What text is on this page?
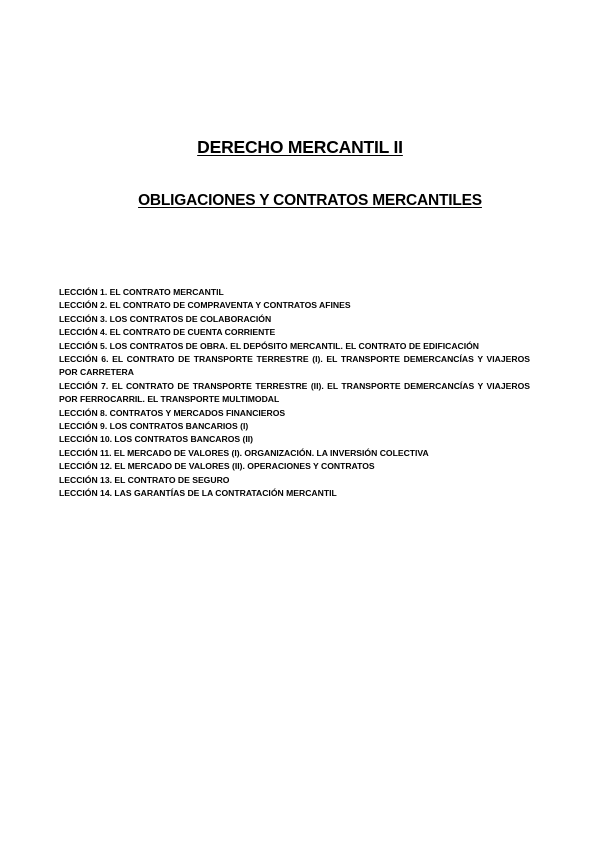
DERECHO MERCANTIL II
OBLIGACIONES Y CONTRATOS MERCANTILES
LECCIÓN 1. EL CONTRATO MERCANTIL
LECCIÓN 2. EL CONTRATO DE COMPRAVENTA Y CONTRATOS AFINES
LECCIÓN 3. LOS CONTRATOS DE COLABORACIÓN
LECCIÓN 4. EL CONTRATO DE CUENTA CORRIENTE
LECCIÓN 5. LOS CONTRATOS DE OBRA. EL DEPÓSITO MERCANTIL. EL CONTRATO DE EDIFICACIÓN
LECCIÓN 6. EL CONTRATO DE TRANSPORTE TERRESTRE (I). EL TRANSPORTE DEMERCANCÍAS Y VIAJEROS POR CARRETERA
LECCIÓN 7. EL CONTRATO DE TRANSPORTE TERRESTRE (II). EL TRANSPORTE DEMERCANCÍAS Y VIAJEROS POR FERROCARRIL. EL TRANSPORTE MULTIMODAL
LECCIÓN 8. CONTRATOS Y MERCADOS FINANCIEROS
LECCIÓN 9. LOS CONTRATOS BANCARIOS (I)
LECCIÓN 10. LOS CONTRATOS BANCAROS (II)
LECCIÓN 11. EL MERCADO DE VALORES (I). ORGANIZACIÓN. LA INVERSIÓN COLECTIVA
LECCIÓN 12. EL MERCADO DE VALORES (II). OPERACIONES Y CONTRATOS
LECCIÓN 13. EL CONTRATO DE SEGURO
LECCIÓN 14. LAS GARANTÍAS DE LA CONTRATACIÓN MERCANTIL
